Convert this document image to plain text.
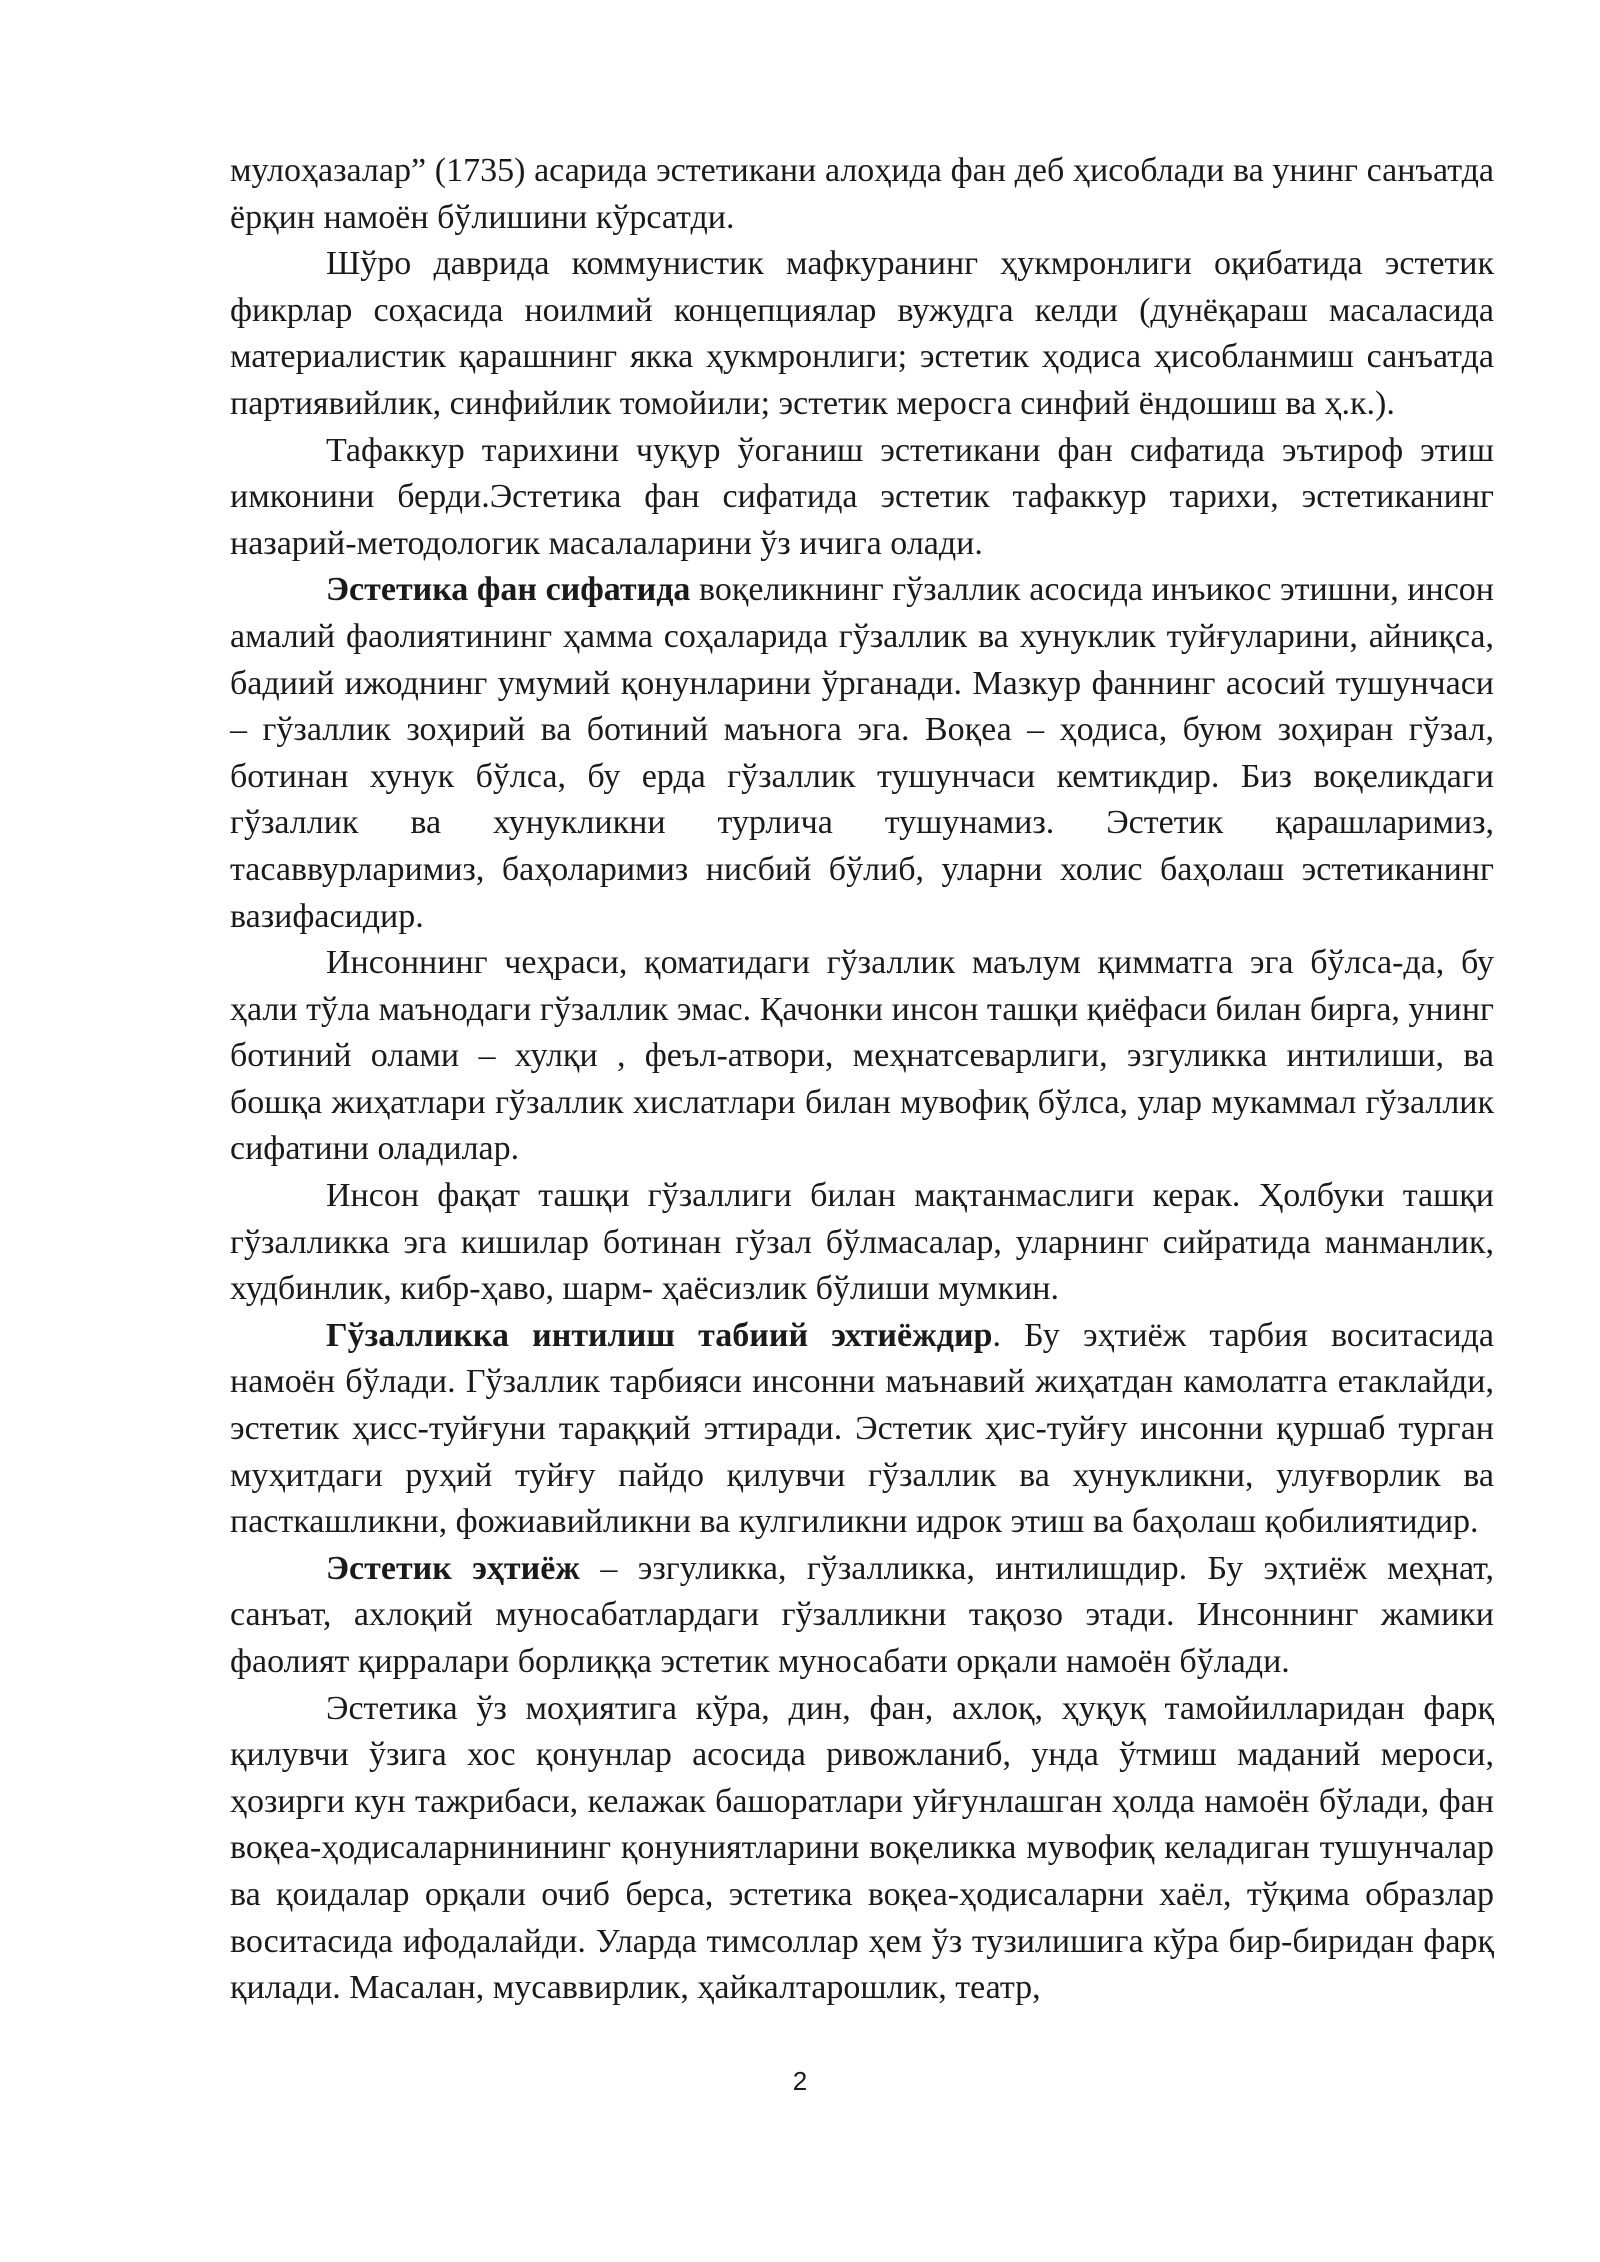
мулоҳазалар” (1735) асарида эстетикани алоҳида фан деб ҳисоблади ва унинг санъатда ёрқин намоён бўлишини кўрсатди.

Шўро даврида коммунистик мафкуранинг ҳукмронлиги оқибатида эстетик фикрлар соҳасида ноилмий концепциялар вужудга келди (дунёқараш масаласида материалистик қарашнинг якка ҳукмронлиги; эстетик ҳодиса ҳисобланмиш санъатда партиявийлик, синфийлик томойили; эстетик меросга синфий ёндошиш ва ҳ.к.).

Тафаккур тарихини чуқур ўоганиш эстетикани фан сифатида эътироф этиш имконини берди.Эстетика фан сифатида эстетик тафаккур тарихи, эстетиканинг назарий-методологик масалаларини ўз ичига олади.

Эстетика фан сифатида воқеликнинг гўзаллик асосида инъикос этишни, инсон амалий фаолиятининг ҳамма соҳаларида гўзаллик ва хунуклик туйғуларини, айниқса, бадиий ижоднинг умумий қонунларини ўрганади. Мазкур фаннинг асосий тушунчаси – гўзаллик зоҳирий ва ботиний маънога эга. Воқеа – ҳодиса, буюм зоҳиран гўзал, ботинан хунук бўлса, бу ерда гўзаллик тушунчаси кемтикдир. Биз воқеликдаги гўзаллик ва хунукликни турлича тушунамиз. Эстетик қарашларимиз, тасаввурларимиз, баҳоларимиз нисбий бўлиб, уларни холис баҳолаш эстетиканинг вазифасидир.

Инсоннинг чеҳраси, қоматидаги гўзаллик маълум қимматга эга бўлса-да, бу ҳали тўла маънодаги гўзаллик эмас. Қачонки инсон ташқи қиёфаси билан бирга, унинг ботиний олами – хулқи , феъл-атвори, меҳнатсеварлиги, эзгуликка интилиши, ва бошқа жиҳатлари гўзаллик хислатлари билан мувофиқ бўлса, улар мукаммал гўзаллик сифатини оладилар.

Инсон фақат ташқи гўзаллиги билан мақтанмаслиги керак. Ҳолбуки ташқи гўзалликка эга кишилар ботинан гўзал бўлмасалар, уларнинг сийратида манманлик, худбинлик, кибр-ҳаво, шарм- ҳаёсизлик бўлиши мумкин.

Гўзалликка интилиш табиий эхтиёждир. Бу эҳтиёж тарбия воситасида намоён бўлади. Гўзаллик тарбияси инсонни маънавий жиҳатдан камолатга етаклайди, эстетик ҳисс-туйғуни тараққий эттиради. Эстетик ҳис-туйғу инсонни қуршаб турган муҳитдаги руҳий туйғу пайдо қилувчи гўзаллик ва хунукликни, улуғворлик ва пасткашликни, фожиавийликни ва кулгиликни идрок этиш ва баҳолаш қобилиятидир.

Эстетик эҳтиёж – эзгуликка, гўзалликка, интилишдир. Бу эҳтиёж меҳнат, санъат, ахлоқий муносабатлардаги гўзалликни тақозо этади. Инсоннинг жамики фаолият қирралари борлиққа эстетик муносабати орқали намоён бўлади.

Эстетика ўз моҳиятига кўра, дин, фан, ахлоқ, ҳуқуқ тамойилларидан фарқ қилувчи ўзига хос қонунлар асосида ривожланиб, унда ўтмиш маданий мероси, ҳозирги кун тажрибаси, келажак башоратлари уйғунлашган ҳолда намоён бўлади, фан воқеа-ҳодисаларнинининг қонуниятларини воқеликка мувофиқ келадиган тушунчалар ва қоидалар орқали очиб берса, эстетика воқеа-ҳодисаларни хаёл, тўқима образлар воситасида ифодалайди. Уларда тимсоллар ҳем ўз тузилишига кўра бир-биридан фарқ қилади. Масалан, мусаввирлик, ҳайкалтарошлик, театр,

2
